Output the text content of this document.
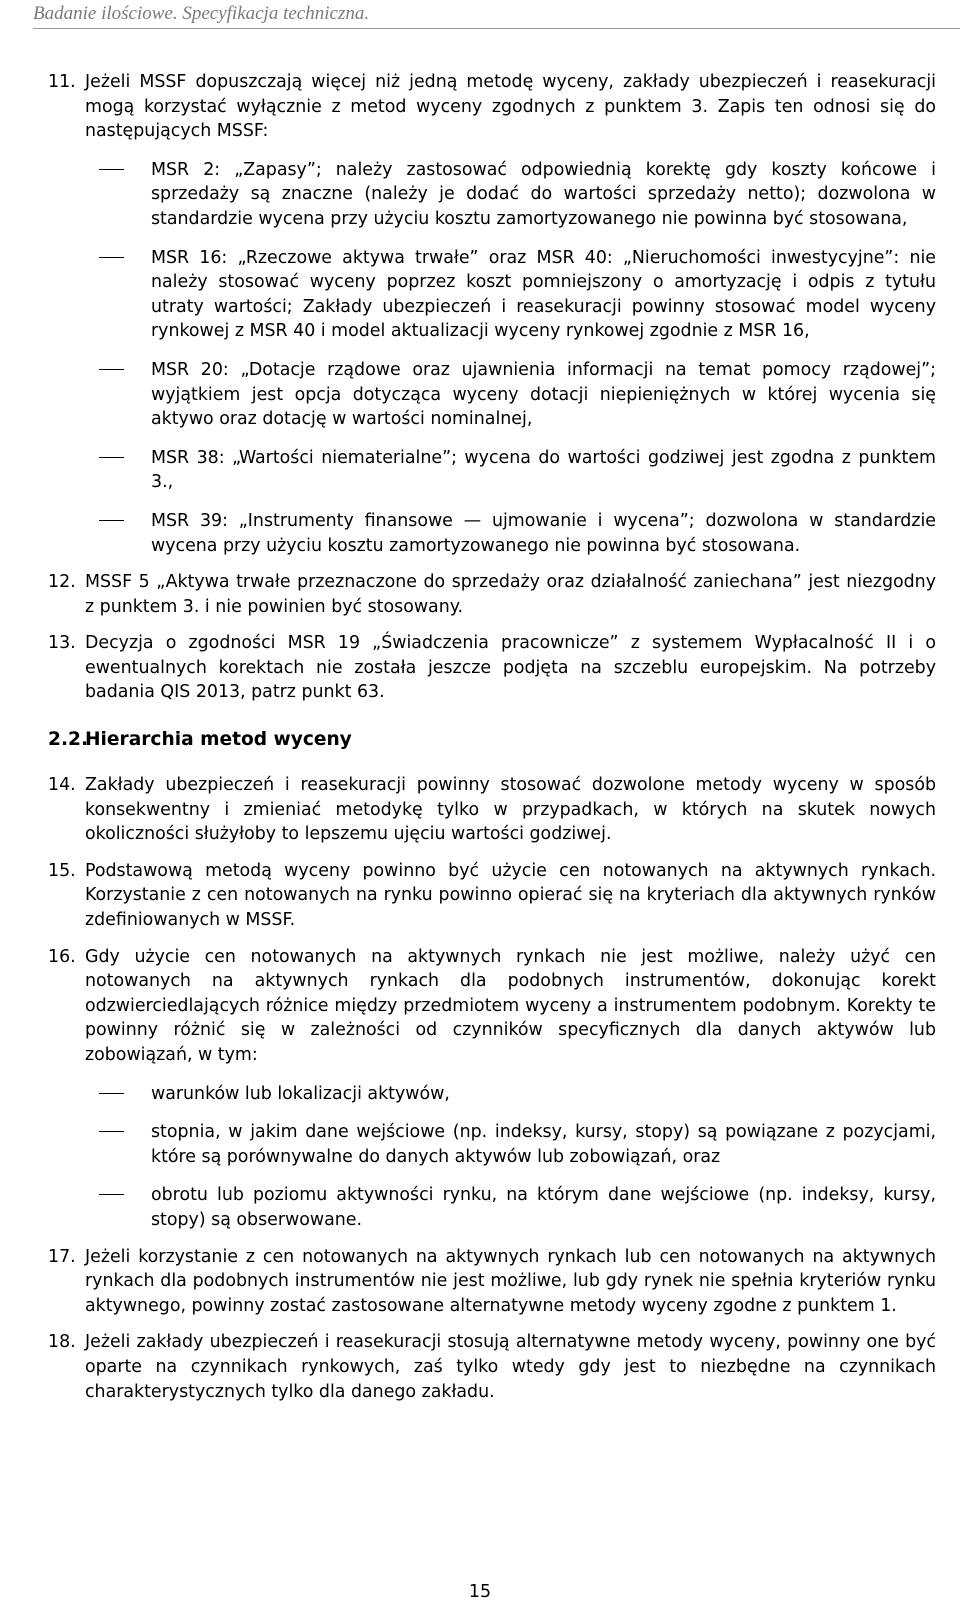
Badanie ilościowe. Specyfikacja techniczna.
11. Jeżeli MSSF dopuszczają więcej niż jedną metodę wyceny, zakłady ubezpieczeń i reasekuracji mogą korzystać wyłącznie z metod wyceny zgodnych z punktem 3. Zapis ten odnosi się do następujących MSSF:

MSR 2: „Zapasy”; należy zastosować odpowiednią korektę gdy koszty końcowe i sprzedaży są znaczne (należy je dodać do wartości sprzedaży netto); dozwolona w standardzie wycena przy użyciu kosztu zamortyzowanego nie powinna być stosowana,

MSR 16: „Rzeczowe aktywa trwałe” oraz MSR 40: „Nieruchomości inwestycyjne”: nie należy stosować wyceny poprzez koszt pomniejszony o amortyzację i odpis z tytułu utraty wartości; Zakłady ubezpieczeń i reasekuracji powinny stosować model wyceny rynkowej z MSR 40 i model aktualizacji wyceny rynkowej zgodnie z MSR 16,

MSR 20: „Dotacje rządowe oraz ujawnienia informacji na temat pomocy rządowej”; wyjątkiem jest opcja dotycząca wyceny dotacji niepieniężnych w której wycenia się aktywo oraz dotację w wartości nominalnej,

MSR 38: „Wartości niematerialne”; wycena do wartości godziwej jest zgodna z punktem 3.,

MSR 39: „Instrumenty finansowe — ujmowanie i wycena”; dozwolona w standardzie wycena przy użyciu kosztu zamortyzowanego nie powinna być stosowana.

12. MSSF 5 „Aktywa trwałe przeznaczone do sprzedaży oraz działalność zaniechana” jest niezgodny z punktem 3. i nie powinien być stosowany.

13. Decyzja o zgodności MSR 19 „Świadczenia pracownicze” z systemem Wypłacalność II i o ewentualnych korektach nie została jeszcze podjęta na szczeblu europejskim. Na potrzeby badania QIS 2013, patrz punkt 63.

2.2.Hierarchia metod wyceny
14. Zakłady ubezpieczeń i reasekuracji powinny stosować dozwolone metody wyceny w sposób konsekwentny i zmieniać metodykę tylko w przypadkach, w których na skutek nowych okoliczności służyłoby to lepszemu ujęciu wartości godziwej.

15. Podstawową metodą wyceny powinno być użycie cen notowanych na aktywnych rynkach. Korzystanie z cen notowanych na rynku powinno opierać się na kryteriach dla aktywnych rynków zdefiniowanych w MSSF.

16. Gdy użycie cen notowanych na aktywnych rynkach nie jest możliwe, należy użyć cen notowanych na aktywnych rynkach dla podobnych instrumentów, dokonując korekt odzwierciedlających różnice między przedmiotem wyceny a instrumentem podobnym. Korekty te powinny różnić się w zależności od czynników specyficznych dla danych aktywów lub zobowiązań, w tym:

warunków lub lokalizacji aktywów,

stopnia, w jakim dane wejściowe (np. indeksy, kursy, stopy) są powiązane z pozycjami, które są porównywalne do danych aktywów lub zobowiązań, oraz

obrotu lub poziomu aktywności rynku, na którym dane wejściowe (np. indeksy, kursy, stopy) są obserwowane.

17. Jeżeli korzystanie z cen notowanych na aktywnych rynkach lub cen notowanych na aktywnych rynkach dla podobnych instrumentów nie jest możliwe, lub gdy rynek nie spełnia kryteriów rynku aktywnego, powinny zostać zastosowane alternatywne metody wyceny zgodne z punktem 1.

18. Jeżeli zakłady ubezpieczeń i reasekuracji stosują alternatywne metody wyceny, powinny one być oparte na czynnikach rynkowych, zaś tylko wtedy gdy jest to niezbędne na czynnikach charakterystycznych tylko dla danego zakładu.

15
